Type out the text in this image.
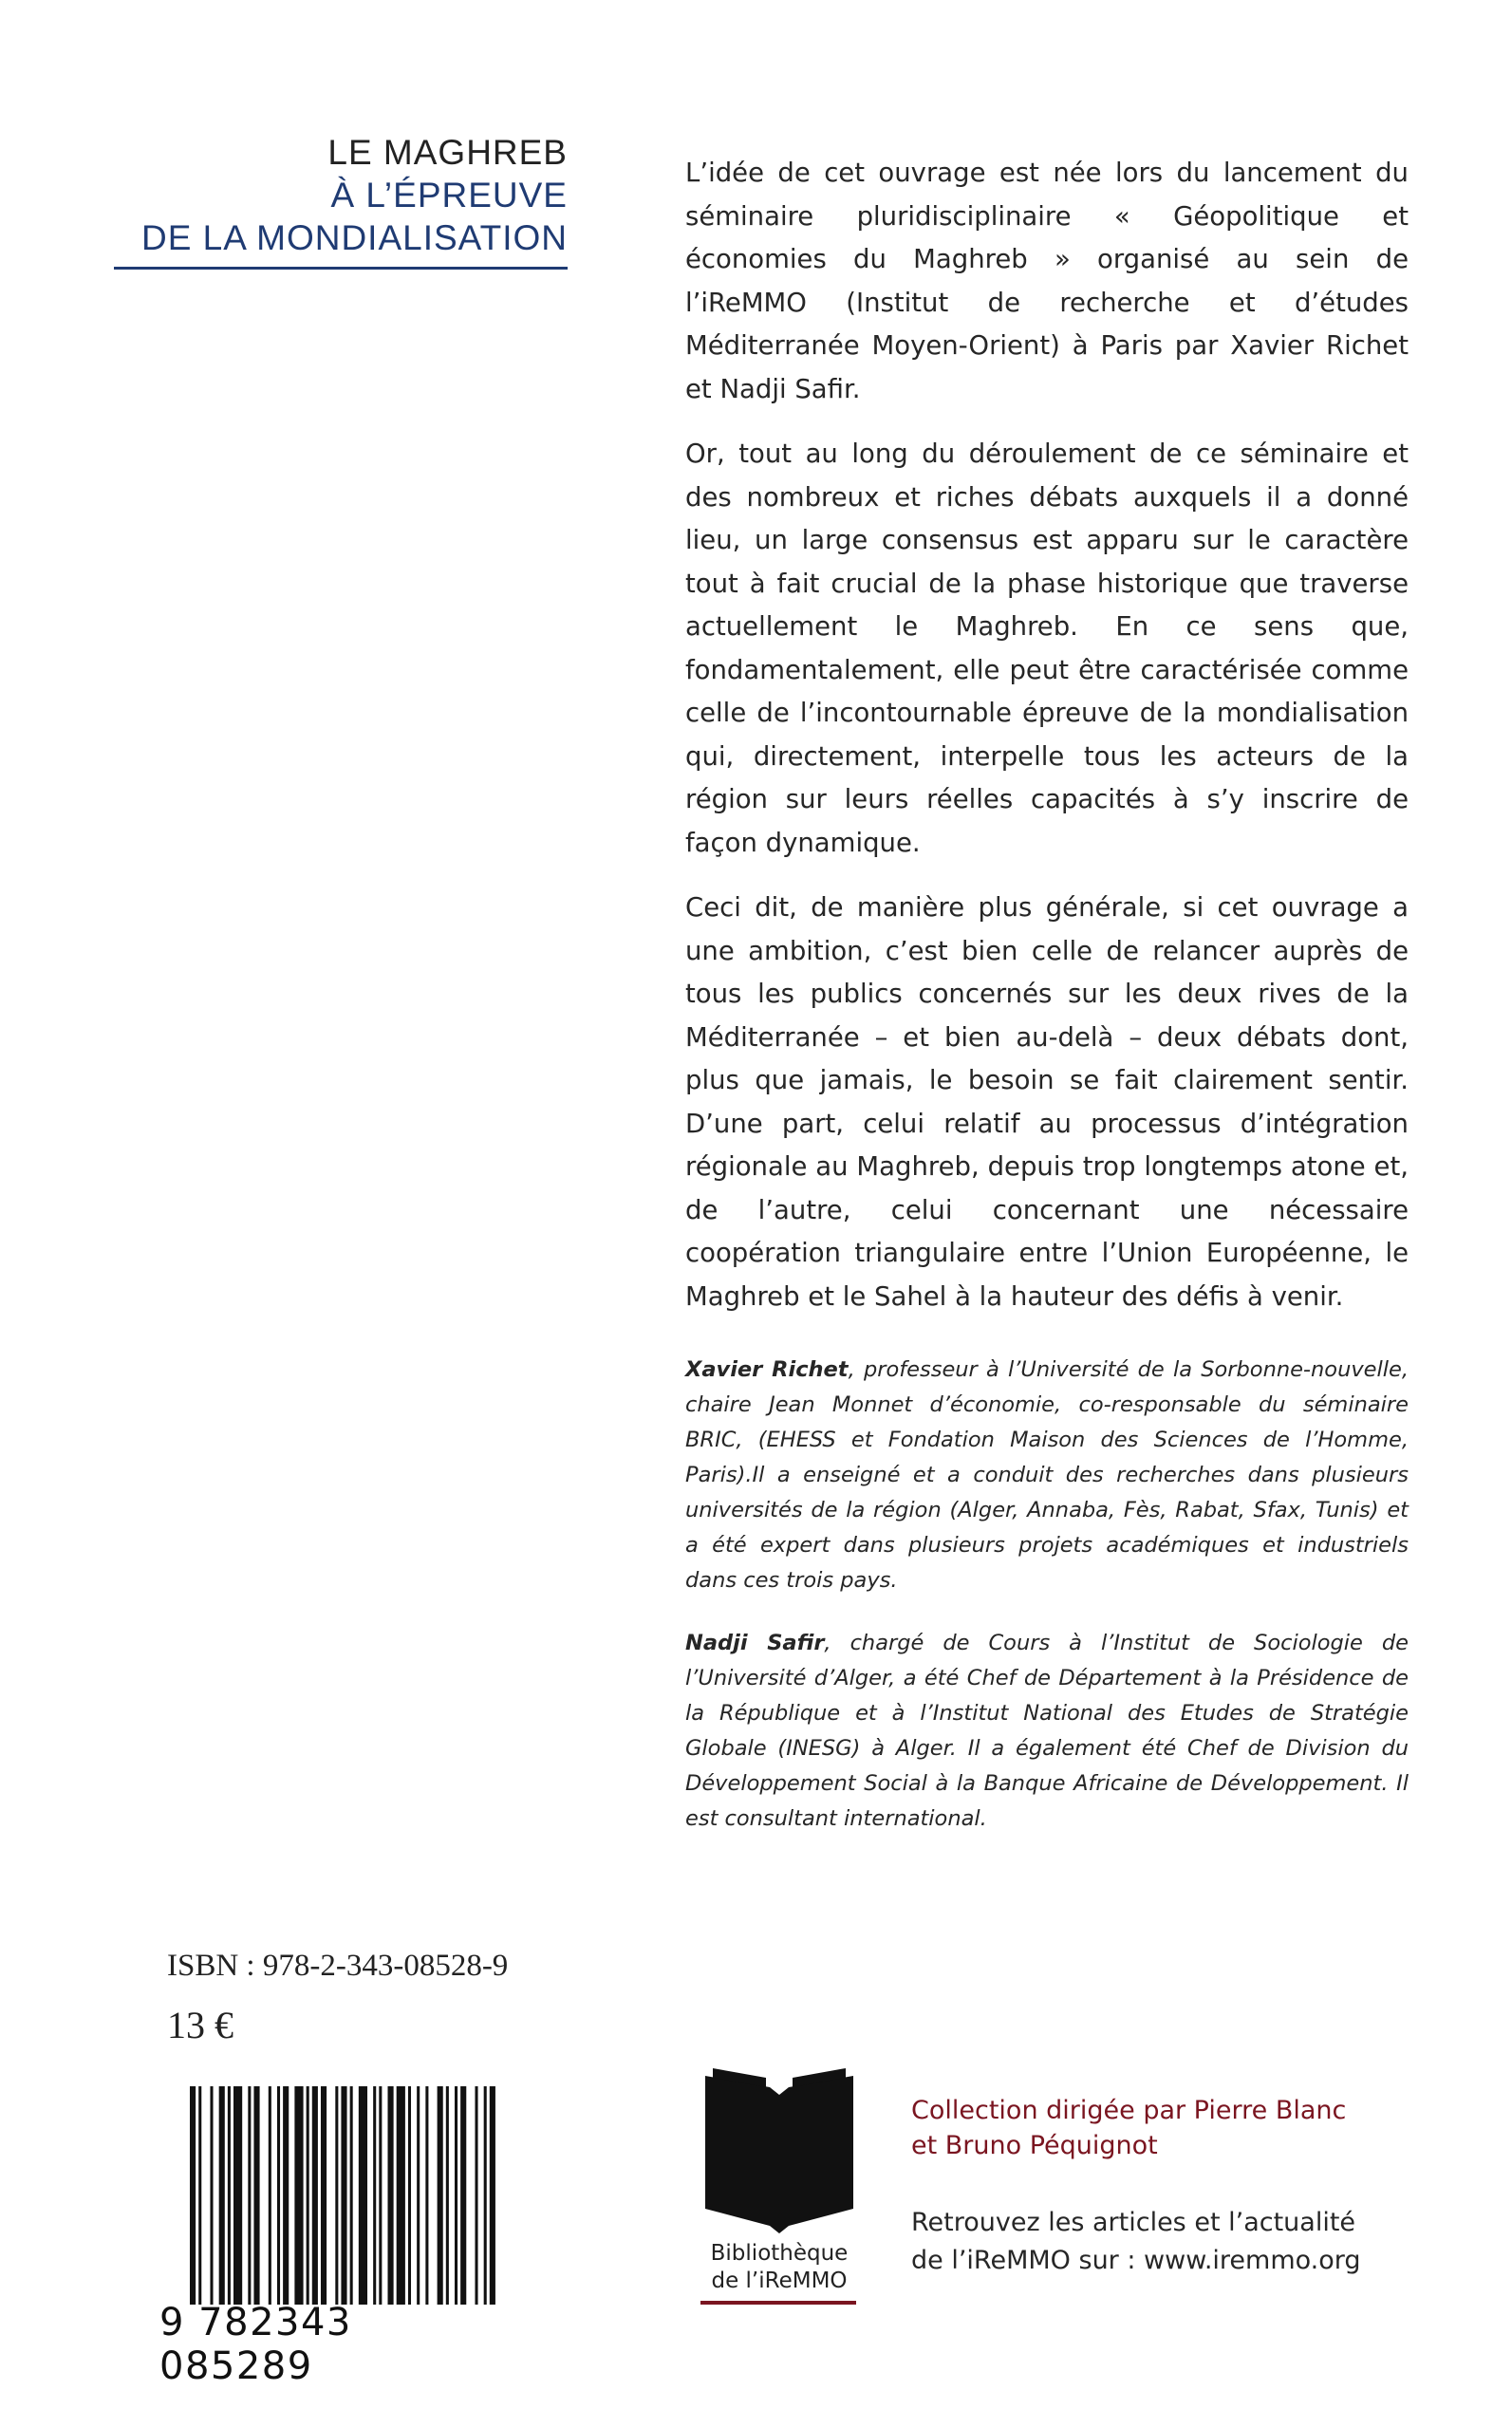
LE MAGHREB
À L’ÉPREUVE
DE LA MONDIALISATION

L’idée de cet ouvrage est née lors du lancement du séminaire pluridisciplinaire « Géopolitique et économies du Maghreb » organisé au sein de l’iReMMO (Institut de recherche et d’études Méditerranée Moyen-Orient) à Paris par Xavier Richet et Nadji Safir.

Or, tout au long du déroulement de ce séminaire et des nombreux et riches débats auxquels il a donné lieu, un large consensus est apparu sur le caractère tout à fait crucial de la phase historique que traverse actuellement le Maghreb. En ce sens que, fondamentalement, elle peut être caractérisée comme celle de l’incontournable épreuve de la mondialisation qui, directement, interpelle tous les acteurs de la région sur leurs réelles capacités à s’y inscrire de façon dynamique.

Ceci dit, de manière plus générale, si cet ouvrage a une ambition, c’est bien celle de relancer auprès de tous les publics concernés sur les deux rives de la Méditerranée – et bien au-delà – deux débats dont, plus que jamais, le besoin se fait clairement sentir. D’une part, celui relatif au processus d’intégration régionale au Maghreb, depuis trop longtemps atone et, de l’autre, celui concernant une nécessaire coopération triangulaire entre l’Union Européenne, le Maghreb et le Sahel à la hauteur des défis à venir.

Xavier Richet, professeur à l’Université de la Sorbonne-nouvelle, chaire Jean Monnet d’économie, co-responsable du séminaire BRIC, (EHESS et Fondation Maison des Sciences de l’Homme, Paris).Il a enseigné et a conduit des recherches dans plusieurs universités de la région (Alger, Annaba, Fès, Rabat, Sfax, Tunis) et a été expert dans plusieurs projets académiques et industriels dans ces trois pays.

Nadji Safir, chargé de Cours à l’Institut de Sociologie de l’Université d’Alger, a été Chef de Département à la Présidence de la République et à l’Institut National des Etudes de Stratégie Globale (INESG) à Alger. Il a également été Chef de Division du Développement Social à la Banque Africaine de Développement. Il est consultant international.

ISBN : 978-2-343-08528-9
13 €
9 782343 085289
Bibliothèque
de l’iReMMO
Collection dirigée par Pierre Blanc
et Bruno Péquignot
Retrouvez les articles et l’actualité
de l’iReMMO sur : www.iremmo.org
